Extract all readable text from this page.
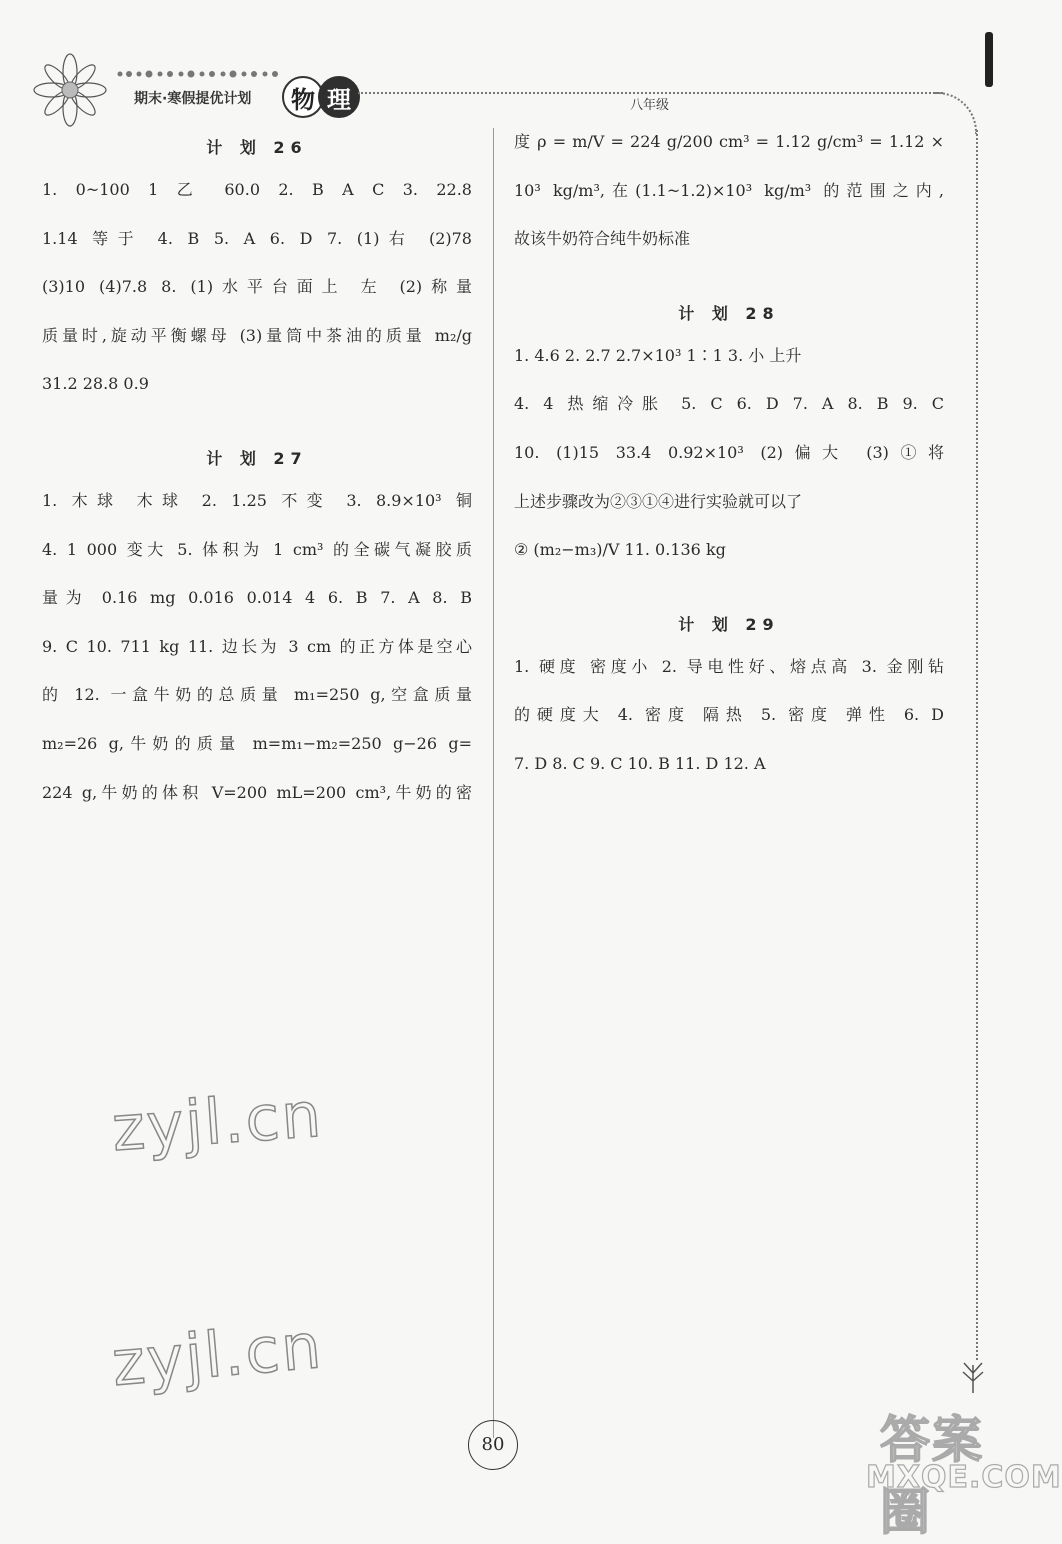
期末·寒假提优计划	物 理	八年级
计 划 26
1. 0~100 1 乙 60.0 2. B A C 3. 22.8
1.14 等于 4. B 5. A 6. D 7. (1)右 (2)78
(3)10 (4)7.8 8. (1)水平台面上 左 (2)称量
质量时,旋动平衡螺母 (3)量筒中茶油的质量 m₂/g
31.2 28.8 0.9
计 划 27
1. 木球 木球 2. 1.25 不变 3. 8.9×10³ 铜
4. 1 000 变大 5. 体积为 1 cm³ 的全碳气凝胶质
量为 0.16 mg 0.016 0.014 4 6. B 7. A 8. B
9. C 10. 711 kg 11. 边长为 3 cm 的正方体是空心
的 12. 一盒牛奶的总质量 m₁=250 g,空盒质量
m₂=26 g,牛奶的质量 m=m₁−m₂=250 g−26 g=
224 g,牛奶的体积 V=200 mL=200 cm³,牛奶的密
度 ρ = m/V = 224 g/200 cm³ = 1.12 g/cm³ = 1.12 ×
10³ kg/m³,在(1.1~1.2)×10³ kg/m³ 的范围之内,
故该牛奶符合纯牛奶标准
计 划 28
1. 4.6 2. 2.7 2.7×10³ 1∶1 3. 小 上升
4. 4 热缩冷胀 5. C 6. D 7. A 8. B 9. C
10. (1)15 33.4 0.92×10³ (2)偏大 (3)①将
上述步骤改为②③①④进行实验就可以了
② (m₂−m₃)/V 11. 0.136 kg
计 划 29
1. 硬度 密度小 2. 导电性好、熔点高 3. 金刚钻
的硬度大 4. 密度 隔热 5. 密度 弹性 6. D
7. D 8. C 9. C 10. B 11. D 12. A
zyjl.cn
zyjl.cn
80	答案圈
MXQE.COM
